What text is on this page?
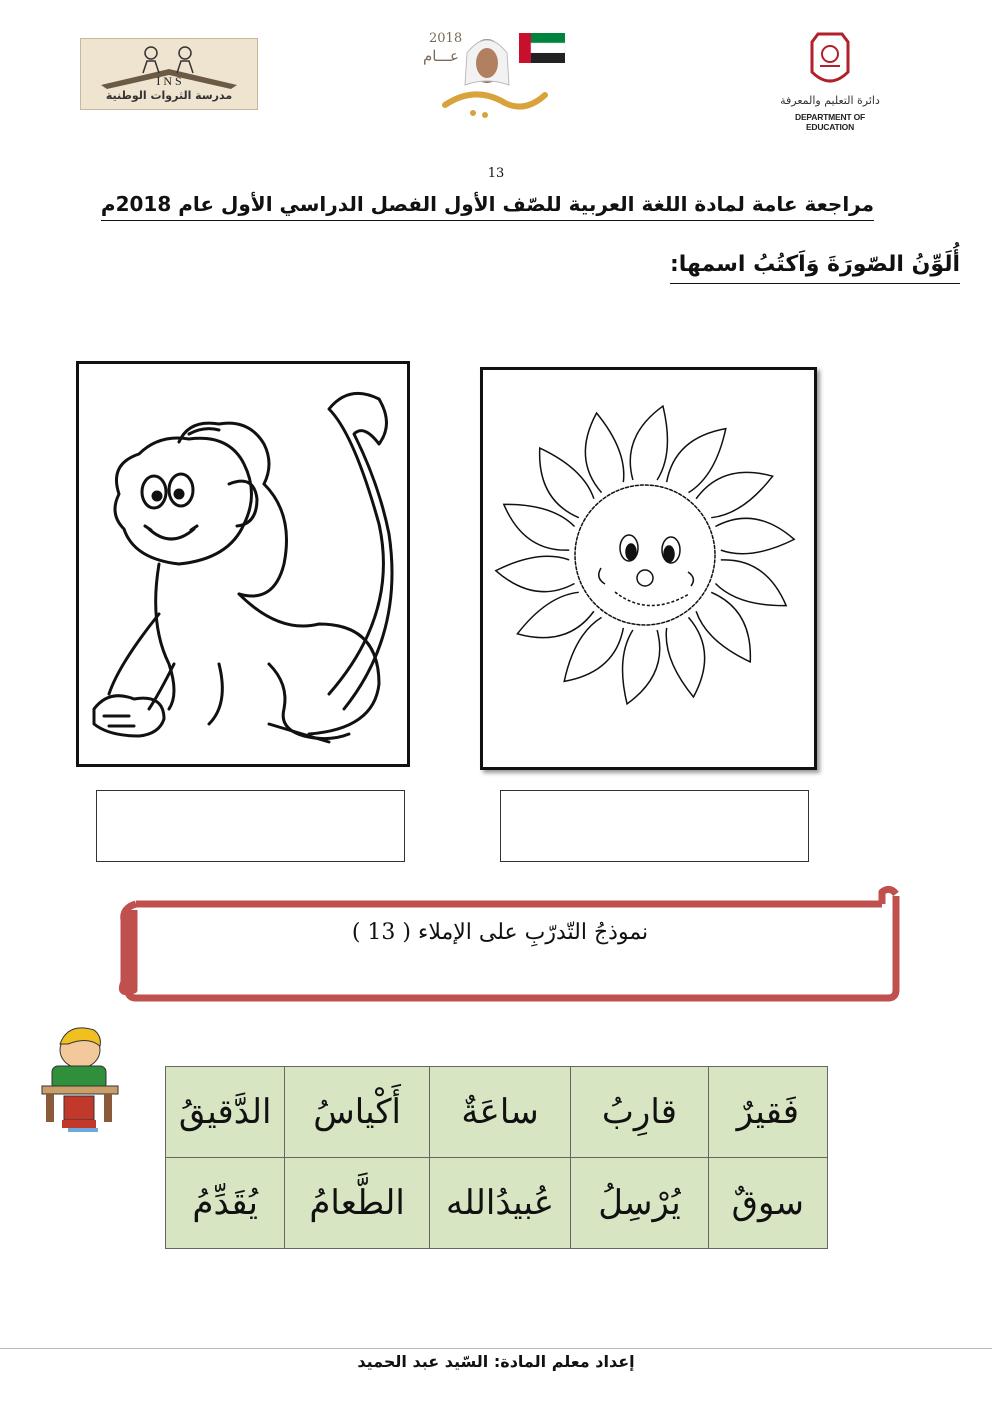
I N S
مدرسة الثروات الوطنية
2018
عـــام
دائرة التعليم والمعرفة
DEPARTMENT OF EDUCATION
13
مراجعة عامة لمادة اللغة العربية للصّف الأول الفصل الدراسي الأول عام 2018م
أُلَوِّنُ الصّورَةَ وَاَكتُبُ اسمها:
نموذجُ التّدرّبِ على الإملاء ( 13 )
فَقيرٌ	قارِبُ	ساعَةٌ	أَكْياسُ	الدَّقيقُ
سوقٌ	يُرْسِلُ	عُبيدُالله	الطَّعامُ	يُقَدِّمُ
إعداد معلم المادة: السّيد عبد الحميد
